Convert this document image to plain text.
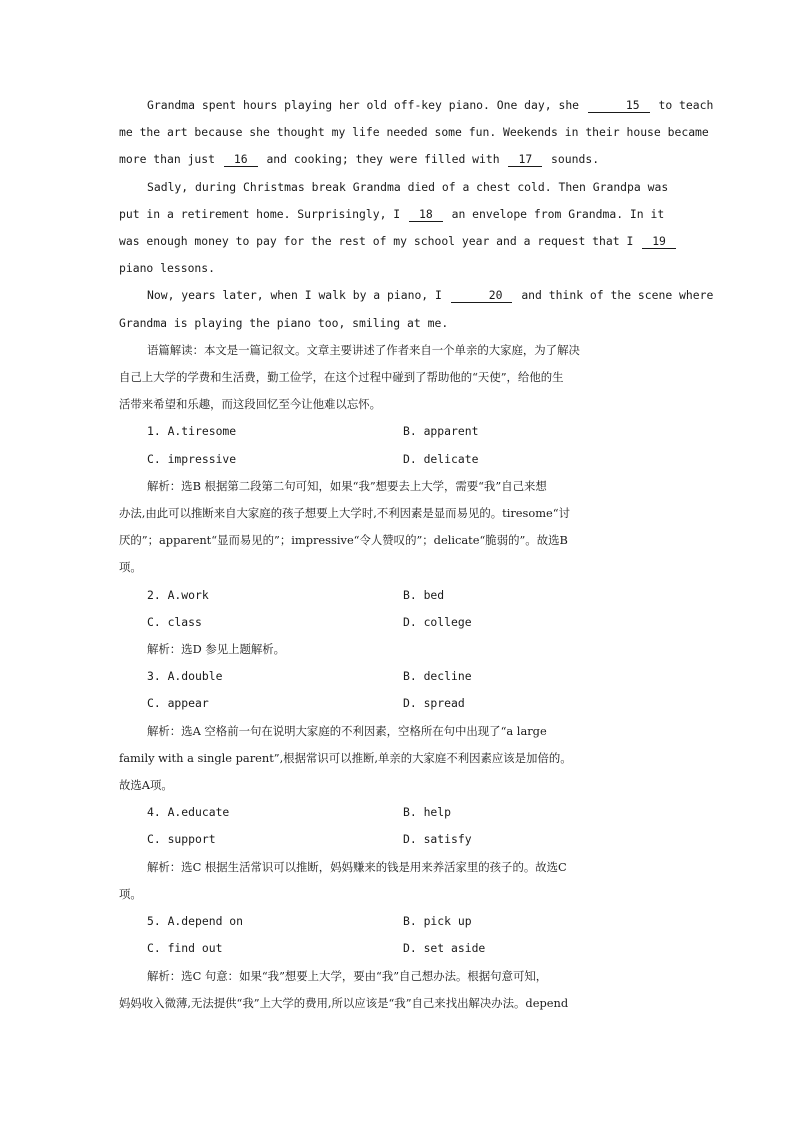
Grandma spent hours playing her old off-key piano. One day, she	15 to teach

me the art because she thought my life needed some fun. Weekends in their house became

more than just 16 and cooking; they were filled with 17 sounds.

Sadly, during Christmas break Grandma died of a chest cold. Then Grandpa was

put in a retirement home. Surprisingly, I 18 an envelope from Grandma. In it

was enough money to pay for the rest of my school year and a request that I 19

piano lessons.

Now, years later, when I walk by a piano, I	20 and think of the scene where

Grandma is playing the piano too, smiling at me.

语篇解读：本文是一篇记叙文。文章主要讲述了作者来自一个单亲的大家庭，为了解决

自己上大学的学费和生活费，勤工俭学，在这个过程中碰到了帮助他的“天使”，给他的生

活带来希望和乐趣，而这段回忆至今让他难以忘怀。

1. A.tiresome	B. apparent
C. impressive	D. delicate

解析：选B 根据第二段第二句可知，如果“我”想要去上大学，需要“我”自己来想

办法,由此可以推断来自大家庭的孩子想要上大学时,不利因素是显而易见的。tiresome“讨

厌的”；apparent“显而易见的”；impressive“令人赞叹的”；delicate“脆弱的”。故选B

项。

2. A.work	B. bed
C. class	D. college

解析：选D 参见上题解析。

3. A.double	B. decline
C. appear	D. spread

解析：选A 空格前一句在说明大家庭的不利因素，空格所在句中出现了“a large

family with a single parent”,根据常识可以推断,单亲的大家庭不利因素应该是加倍的。

故选A项。

4. A.educate	B. help
C. support	D. satisfy

解析：选C 根据生活常识可以推断，妈妈赚来的钱是用来养活家里的孩子的。故选C

项。

5. A.depend on	B. pick up
C. find out	D. set aside

解析：选C 句意：如果“我”想要上大学，要由“我”自己想办法。根据句意可知，

妈妈收入微薄,无法提供“我”上大学的费用,所以应该是“我”自己来找出解决办法。depend
